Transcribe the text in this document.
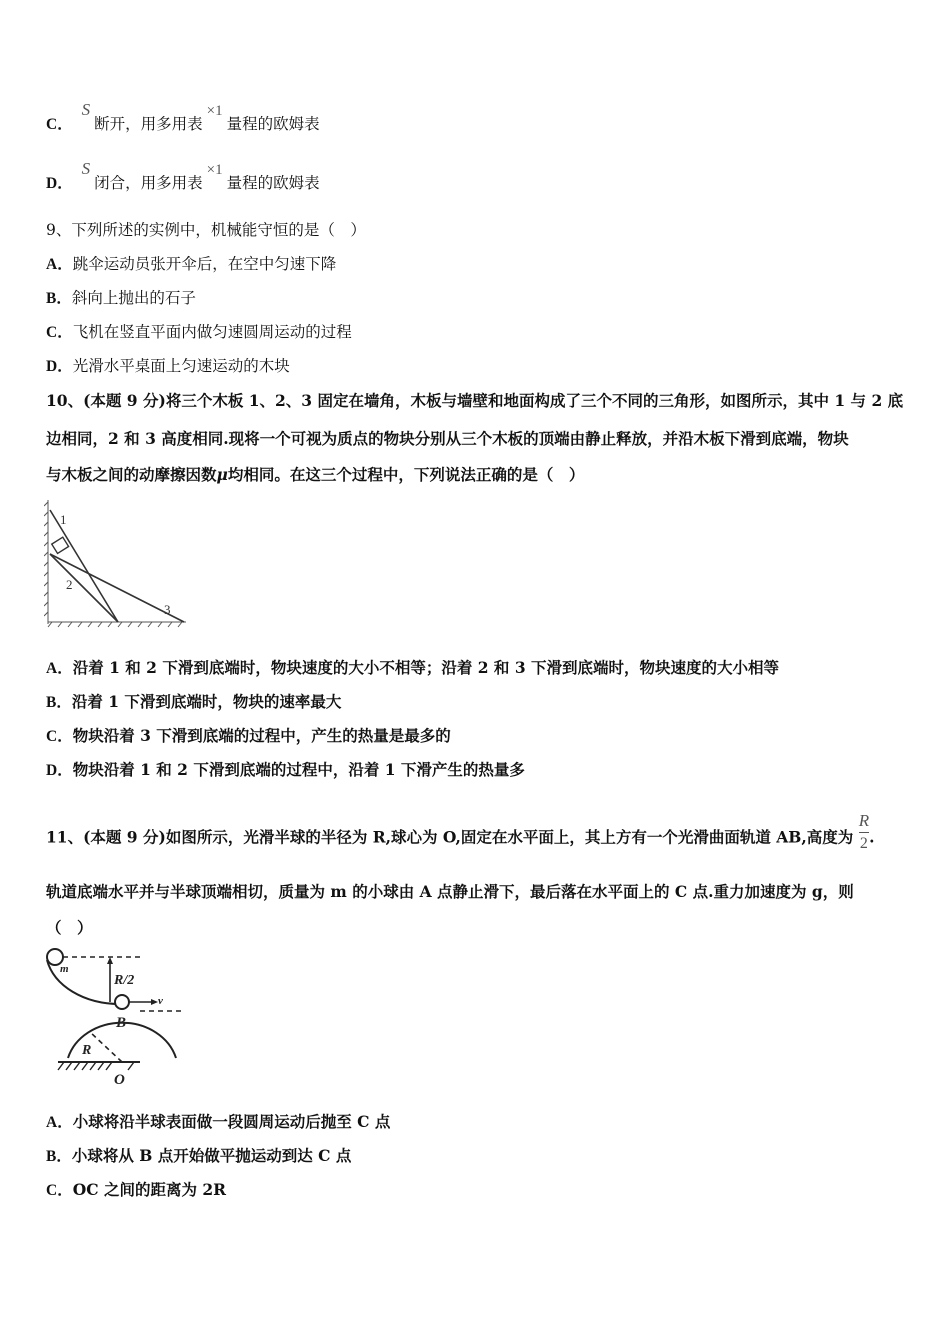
C． S断开，用多用表×1量程的欧姆表
D． S闭合，用多用表×1量程的欧姆表
9、下列所述的实例中，机械能守恒的是（　）
A．跳伞运动员张开伞后，在空中匀速下降
B．斜向上抛出的石子
C．飞机在竖直平面内做匀速圆周运动的过程
D．光滑水平桌面上匀速运动的木块
10、(本题 9 分)将三个木板 1、2、3 固定在墙角，木板与墙壁和地面构成了三个不同的三角形，如图所示，其中 1 与 2 底
边相同，2 和 3 高度相同.现将一个可视为质点的物块分别从三个木板的顶端由静止释放，并沿木板下滑到底端，物块
与木板之间的动摩擦因数μ均相同。在这三个过程中，下列说法正确的是（　）
1
2
3
A．沿着 1 和 2 下滑到底端时，物块速度的大小不相等；沿着 2 和 3 下滑到底端时，物块速度的大小相等
B．沿着 1 下滑到底端时，物块的速率最大
C．物块沿着 3 下滑到底端的过程中，产生的热量是最多的
D．物块沿着 1 和 2 下滑到底端的过程中，沿着 1 下滑产生的热量多
11、(本题 9 分)如图所示，光滑半球的半径为 R,球心为 O,固定在水平面上，其上方有一个光滑曲面轨道 AB,高度为 $\frac{R}{2}$ .
轨道底端水平并与半球顶端相切，质量为 m 的小球由 A 点静止滑下，最后落在水平面上的 C 点.重力加速度为 g，则
（　）
m
R/2
v
B
R
O
A．小球将沿半球表面做一段圆周运动后抛至 C 点
B．小球将从 B 点开始做平抛运动到达 C 点
C．OC 之间的距离为 2R
